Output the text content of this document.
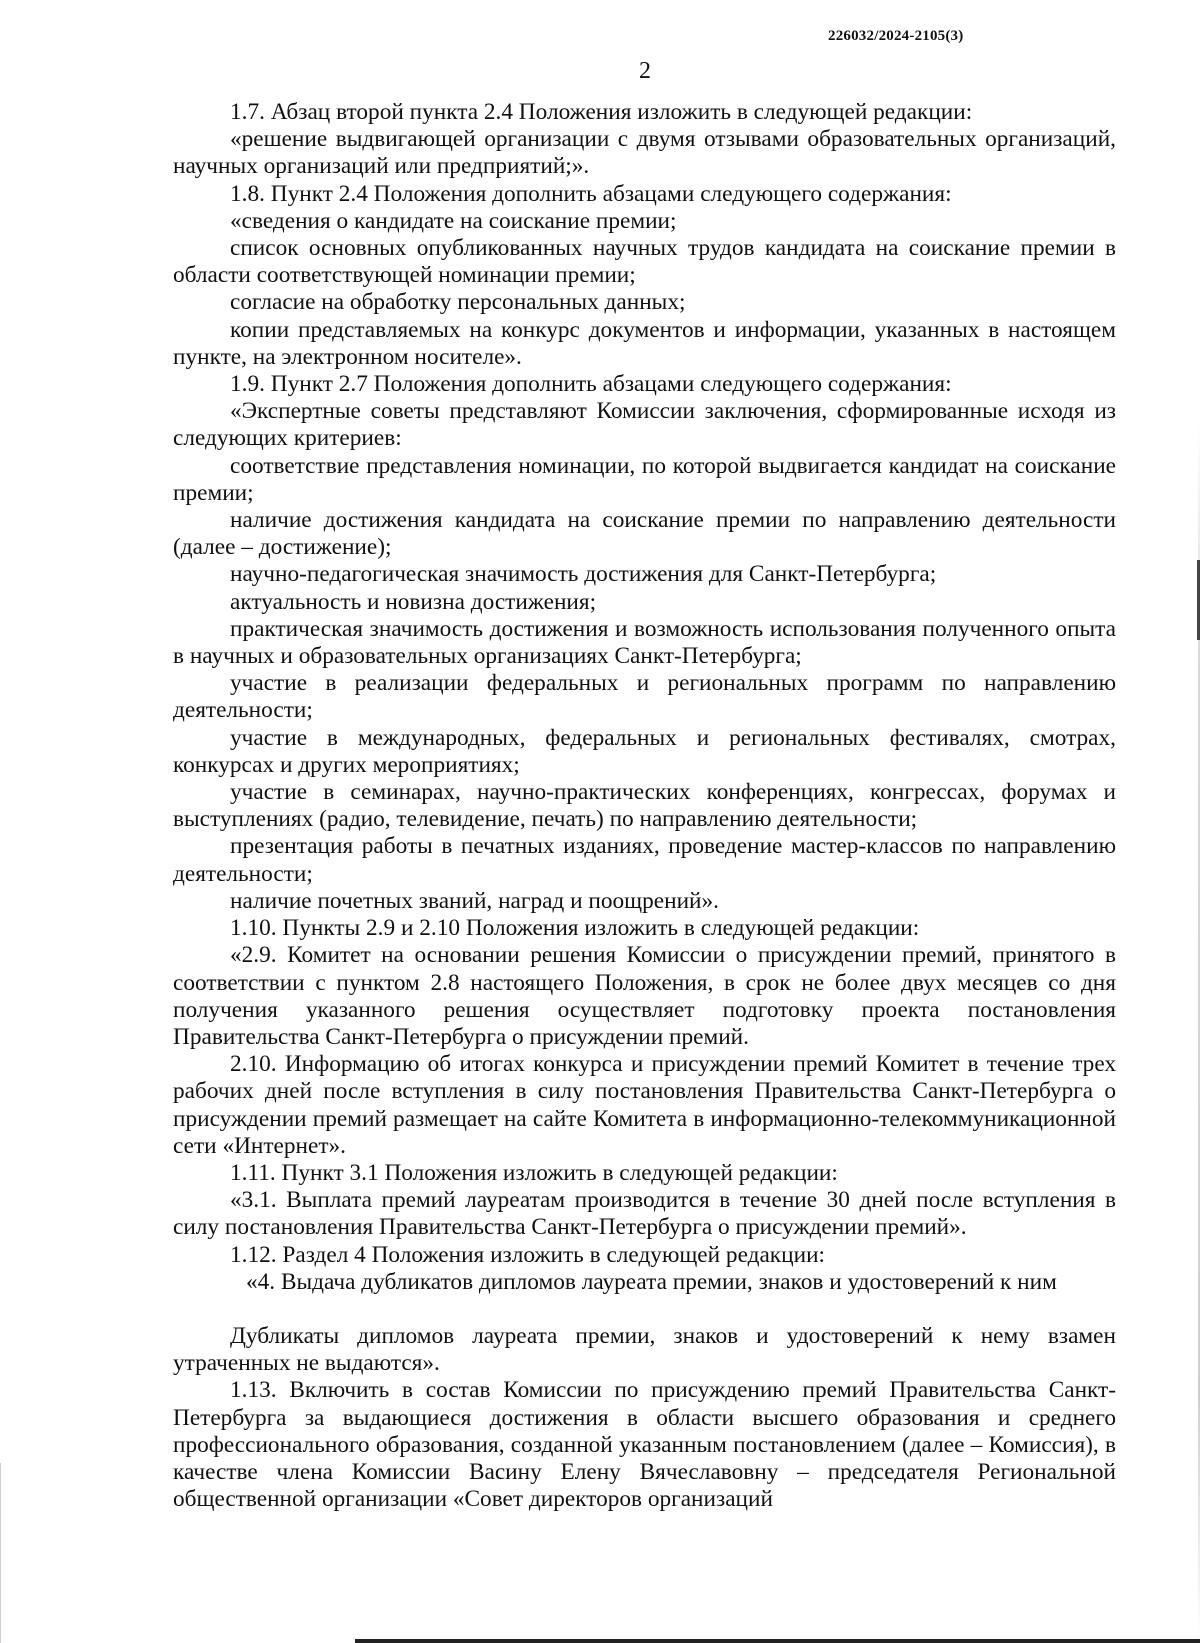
226032/2024-2105(3)
2

1.7. Абзац второй пункта 2.4 Положения изложить в следующей редакции:

«решение выдвигающей организации с двумя отзывами образовательных организаций, научных организаций или предприятий;».

1.8. Пункт 2.4 Положения дополнить абзацами следующего содержания:

«сведения о кандидате на соискание премии;

список основных опубликованных научных трудов кандидата на соискание премии в области соответствующей номинации премии;

согласие на обработку персональных данных;

копии представляемых на конкурс документов и информации, указанных в настоящем пункте, на электронном носителе».

1.9. Пункт 2.7 Положения дополнить абзацами следующего содержания:

«Экспертные советы представляют Комиссии заключения, сформированные исходя из следующих критериев:

соответствие представления номинации, по которой выдвигается кандидат на соискание премии;

наличие достижения кандидата на соискание премии по направлению деятельности (далее – достижение);

научно-педагогическая значимость достижения для Санкт-Петербурга;

актуальность и новизна достижения;

практическая значимость достижения и возможность использования полученного опыта в научных и образовательных организациях Санкт-Петербурга;

участие в реализации федеральных и региональных программ по направлению деятельности;

участие в международных, федеральных и региональных фестивалях, смотрах, конкурсах и других мероприятиях;

участие в семинарах, научно-практических конференциях, конгрессах, форумах и выступлениях (радио, телевидение, печать) по направлению деятельности;

презентация работы в печатных изданиях, проведение мастер-классов по направлению деятельности;

наличие почетных званий, наград и поощрений».

1.10. Пункты 2.9 и 2.10 Положения изложить в следующей редакции:

«2.9. Комитет на основании решения Комиссии о присуждении премий, принятого в соответствии с пунктом 2.8 настоящего Положения, в срок не более двух месяцев со дня получения указанного решения осуществляет подготовку проекта постановления Правительства Санкт-Петербурга о присуждении премий.

2.10. Информацию об итогах конкурса и присуждении премий Комитет в течение трех рабочих дней после вступления в силу постановления Правительства Санкт-Петербурга о присуждении премий размещает на сайте Комитета в информационно-телекоммуникационной сети «Интернет».

1.11. Пункт 3.1 Положения изложить в следующей редакции:

«3.1. Выплата премий лауреатам производится в течение 30 дней после вступления в силу постановления Правительства Санкт-Петербурга о присуждении премий».

1.12. Раздел 4 Положения изложить в следующей редакции:

«4. Выдача дубликатов дипломов лауреата премии, знаков и удостоверений к ним

Дубликаты дипломов лауреата премии, знаков и удостоверений к нему взамен утраченных не выдаются».

1.13. Включить в состав Комиссии по присуждению премий Правительства Санкт-Петербурга за выдающиеся достижения в области высшего образования и среднего профессионального образования, созданной указанным постановлением (далее – Комиссия), в качестве члена Комиссии Васину Елену Вячеславовну – председателя Региональной общественной организации «Совет директоров организаций
